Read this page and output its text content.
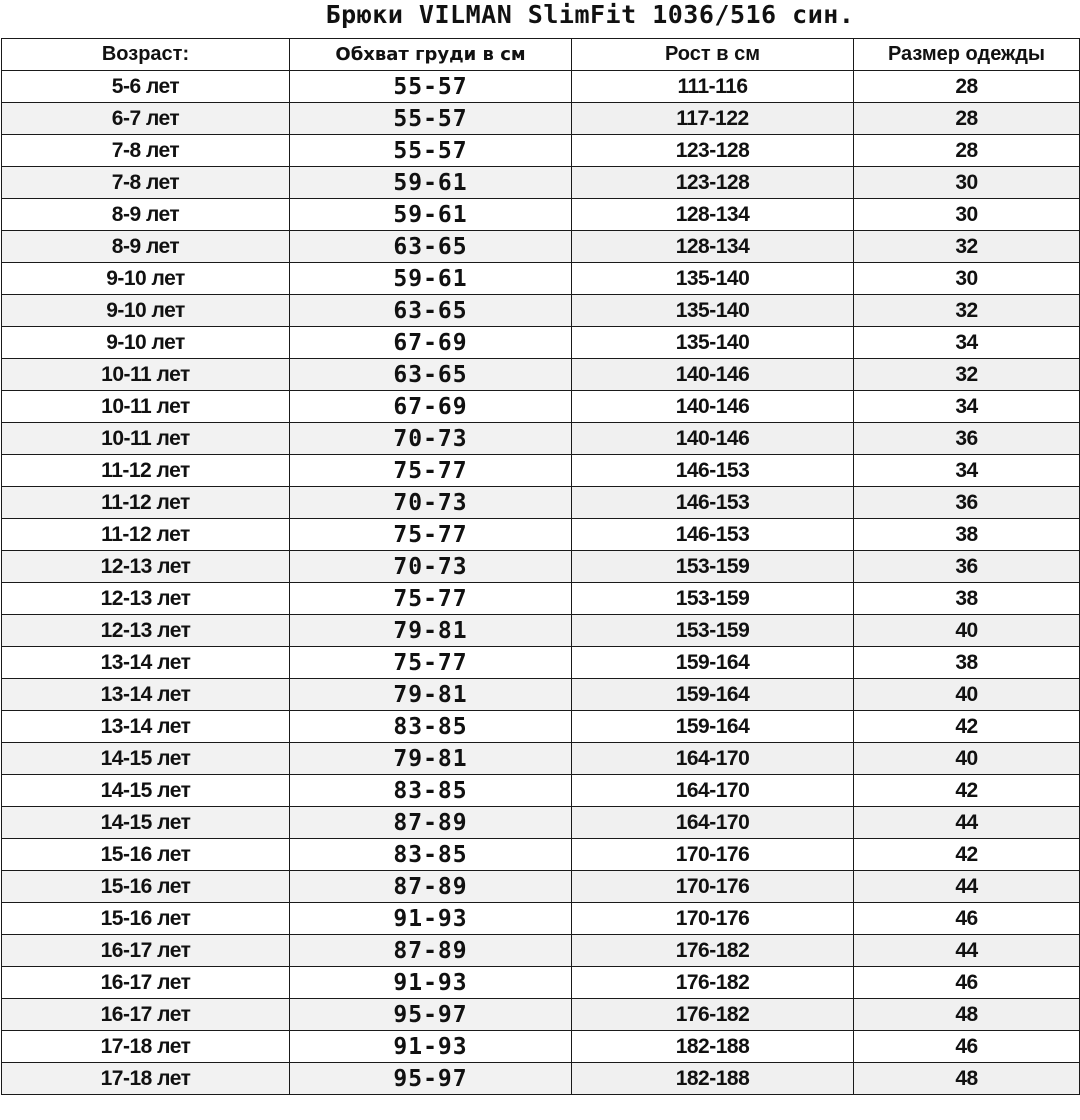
Брюки VILMAN SlimFit 1036/516 син.
Возраст:	Обхват груди в см	Рост в см	Размер одежды
5-6 лет	55-57	111-116	28
6-7 лет	55-57	117-122	28
7-8 лет	55-57	123-128	28
7-8 лет	59-61	123-128	30
8-9 лет	59-61	128-134	30
8-9 лет	63-65	128-134	32
9-10 лет	59-61	135-140	30
9-10 лет	63-65	135-140	32
9-10 лет	67-69	135-140	34
10-11 лет	63-65	140-146	32
10-11 лет	67-69	140-146	34
10-11 лет	70-73	140-146	36
11-12 лет	75-77	146-153	34
11-12 лет	70-73	146-153	36
11-12 лет	75-77	146-153	38
12-13 лет	70-73	153-159	36
12-13 лет	75-77	153-159	38
12-13 лет	79-81	153-159	40
13-14 лет	75-77	159-164	38
13-14 лет	79-81	159-164	40
13-14 лет	83-85	159-164	42
14-15 лет	79-81	164-170	40
14-15 лет	83-85	164-170	42
14-15 лет	87-89	164-170	44
15-16 лет	83-85	170-176	42
15-16 лет	87-89	170-176	44
15-16 лет	91-93	170-176	46
16-17 лет	87-89	176-182	44
16-17 лет	91-93	176-182	46
16-17 лет	95-97	176-182	48
17-18 лет	91-93	182-188	46
17-18 лет	95-97	182-188	48
